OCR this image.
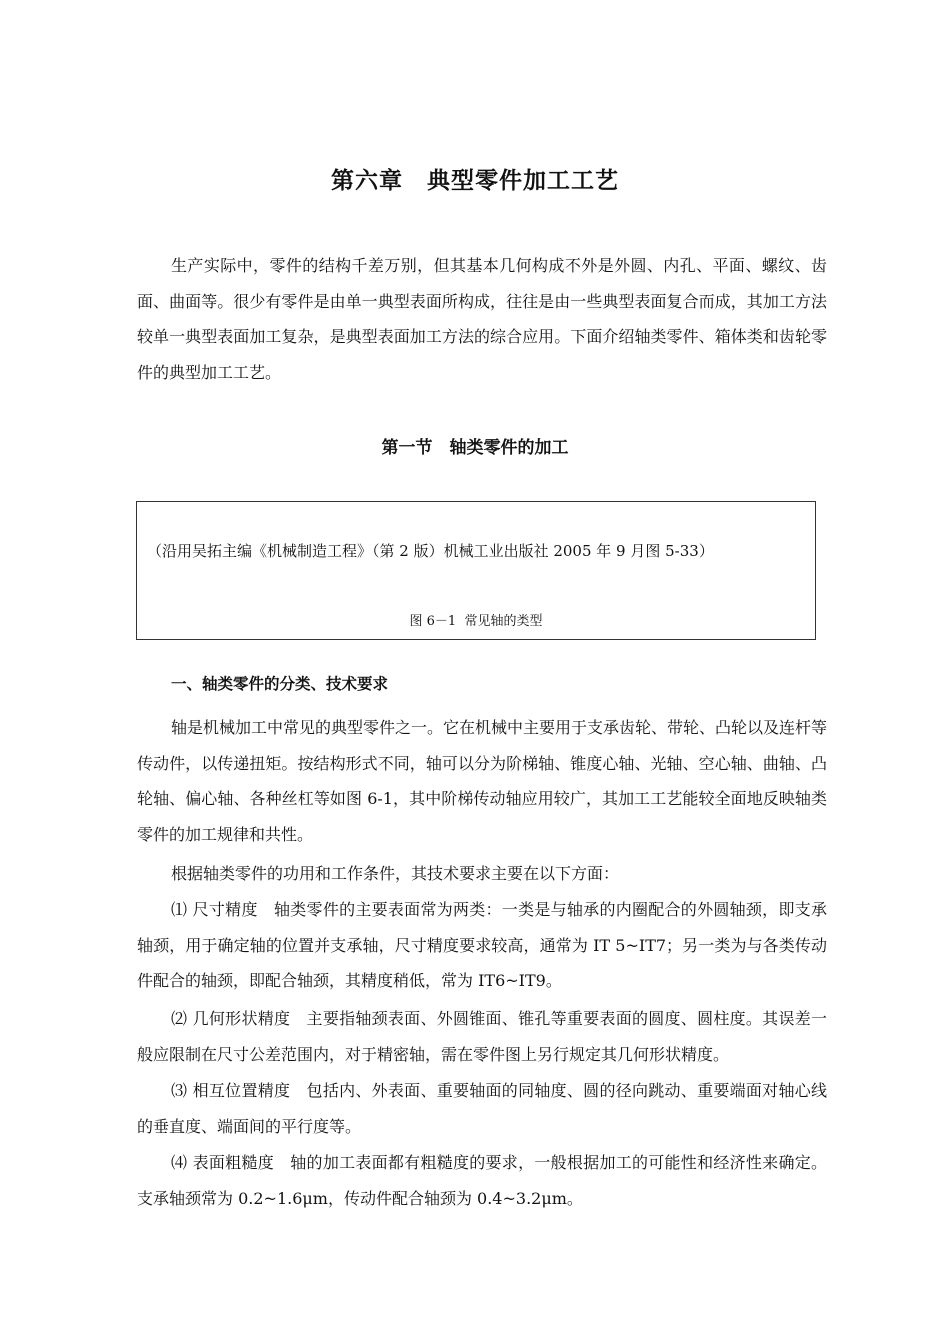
第六章　典型零件加工工艺
生产实际中，零件的结构千差万别，但其基本几何构成不外是外圆、内孔、平面、螺纹、齿面、曲面等。很少有零件是由单一典型表面所构成，往往是由一些典型表面复合而成，其加工方法较单一典型表面加工复杂，是典型表面加工方法的综合应用。下面介绍轴类零件、箱体类和齿轮零件的典型加工工艺。
第一节　轴类零件的加工
（沿用吴拓主编《机械制造工程》（第 2 版）机械工业出版社 2005 年 9 月图 5-33）
图 6－1  常见轴的类型
一、轴类零件的分类、技术要求
轴是机械加工中常见的典型零件之一。它在机械中主要用于支承齿轮、带轮、凸轮以及连杆等传动件，以传递扭矩。按结构形式不同，轴可以分为阶梯轴、锥度心轴、光轴、空心轴、曲轴、凸轮轴、偏心轴、各种丝杠等如图 6-1，其中阶梯传动轴应用较广，其加工工艺能较全面地反映轴类零件的加工规律和共性。
根据轴类零件的功用和工作条件，其技术要求主要在以下方面：
⑴ 尺寸精度　轴类零件的主要表面常为两类：一类是与轴承的内圈配合的外圆轴颈，即支承轴颈，用于确定轴的位置并支承轴，尺寸精度要求较高，通常为 IT 5~IT7；另一类为与各类传动件配合的轴颈，即配合轴颈，其精度稍低，常为 IT6~IT9。
⑵ 几何形状精度　主要指轴颈表面、外圆锥面、锥孔等重要表面的圆度、圆柱度。其误差一般应限制在尺寸公差范围内，对于精密轴，需在零件图上另行规定其几何形状精度。
⑶ 相互位置精度　包括内、外表面、重要轴面的同轴度、圆的径向跳动、重要端面对轴心线的垂直度、端面间的平行度等。
⑷ 表面粗糙度　轴的加工表面都有粗糙度的要求，一般根据加工的可能性和经济性来确定。支承轴颈常为 0.2~1.6μm，传动件配合轴颈为 0.4~3.2μm。
